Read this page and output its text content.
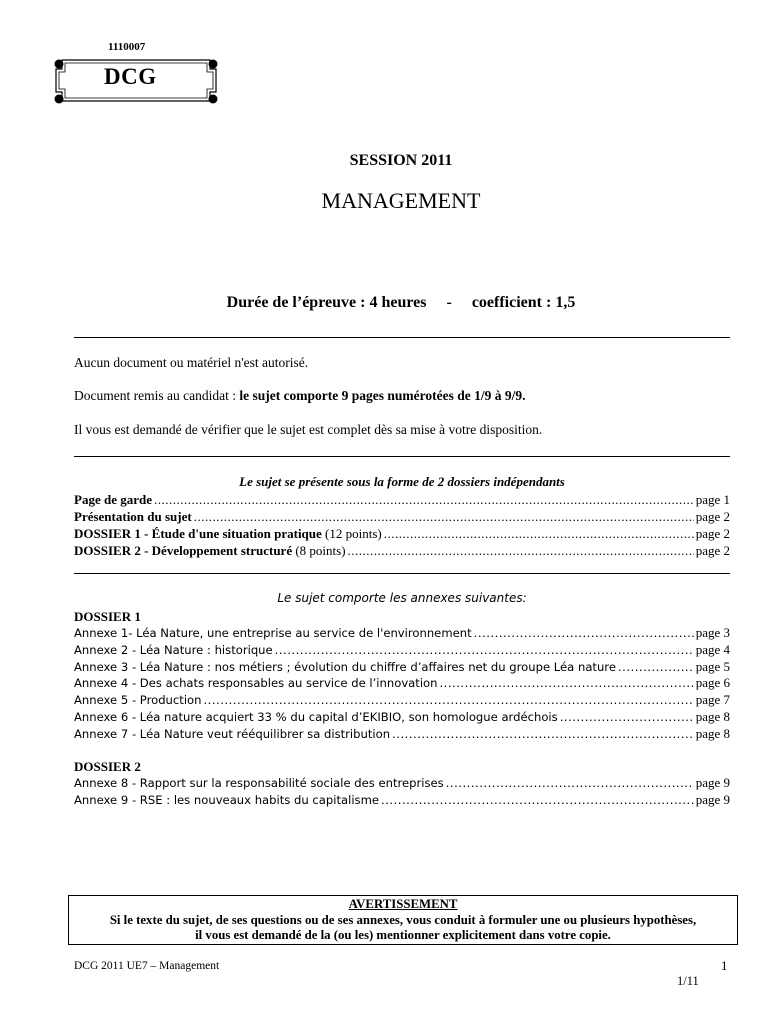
1110007
DCG
SESSION 2011
MANAGEMENT
Durée de l’épreuve : 4 heures     -     coefficient : 1,5
Aucun document ou matériel n'est autorisé.
Document remis au candidat : le sujet comporte 9 pages numérotées de 1/9 à 9/9.
Il vous est demandé de vérifier que le sujet est complet dès sa mise à votre disposition.
Le sujet se présente sous la forme de 2 dossiers indépendants
Page de garde .....	page 1
Présentation du sujet .....	page 2
DOSSIER 1 - Étude d'une situation pratique (12 points) .....	page 2
DOSSIER 2 - Développement structuré (8 points) .....	page 2
Le sujet comporte les annexes suivantes:
DOSSIER 1
Annexe 1- Léa Nature, une entreprise au service de l'environnement .....	page 3
Annexe 2 - Léa Nature : historique .....	page 4
Annexe 3 - Léa Nature : nos métiers ; évolution du chiffre d’affaires net du groupe Léa nature .....	page 5
Annexe 4 - Des achats responsables au service de l’innovation .....	page 6
Annexe 5 - Production .....	page 7
Annexe 6 - Léa nature acquiert 33 % du capital d’EKIBIO, son homologue ardéchois .....	page 8
Annexe 7 - Léa Nature veut rééquilibrer sa distribution .....	page 8
DOSSIER 2
Annexe 8 - Rapport sur la responsabilité sociale des entreprises .....	page 9
Annexe 9 - RSE : les nouveaux habits du capitalisme .....	page 9
AVERTISSEMENT
Si le texte du sujet, de ses questions ou de ses annexes, vous conduit à formuler une ou plusieurs hypothèses,
il vous est demandé de la (ou les) mentionner explicitement dans votre copie.
DCG 2011 UE7 – Management	1
1/11
